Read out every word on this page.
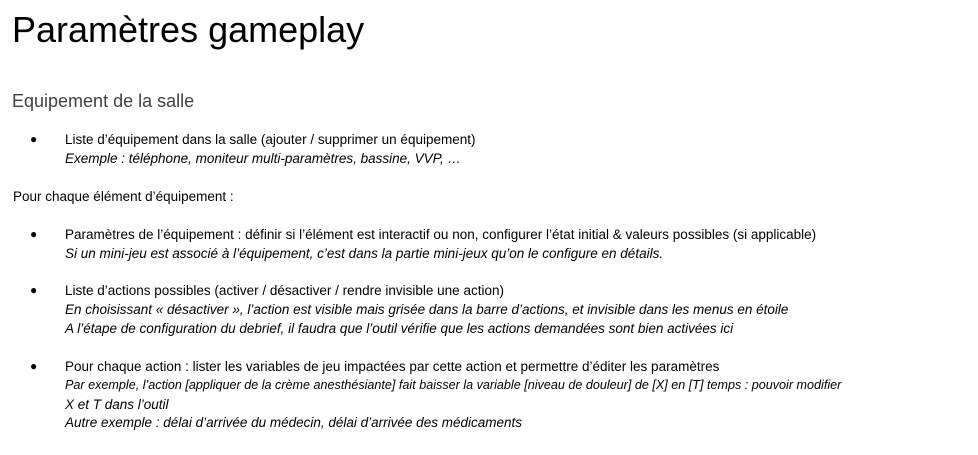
Paramètres gameplay
Equipement de la salle
● Liste d’équipement dans la salle (ajouter / supprimer un équipement)
Exemple : téléphone, moniteur multi-paramètres, bassine, VVP, …
Pour chaque élément d’équipement :
● Paramètres de l’équipement : définir si l’élément est interactif ou non, configurer l’état initial & valeurs possibles (si applicable)
Si un mini-jeu est associé à l’équipement, c’est dans la partie mini-jeux qu’on le configure en détails.
● Liste d’actions possibles (activer / désactiver / rendre invisible une action)
En choisissant « désactiver », l’action est visible mais grisée dans la barre d’actions, et invisible dans les menus en étoile
A l’étape de configuration du debrief, il faudra que l’outil vérifie que les actions demandées sont bien activées ici
● Pour chaque action : lister les variables de jeu impactées par cette action et permettre d’éditer les paramètres
Par exemple, l’action [appliquer de la crème anesthésiante] fait baisser la variable [niveau de douleur] de [X] en [T] temps : pouvoir modifier
X et T dans l’outil
Autre exemple : délai d’arrivée du médecin, délai d’arrivée des médicaments
